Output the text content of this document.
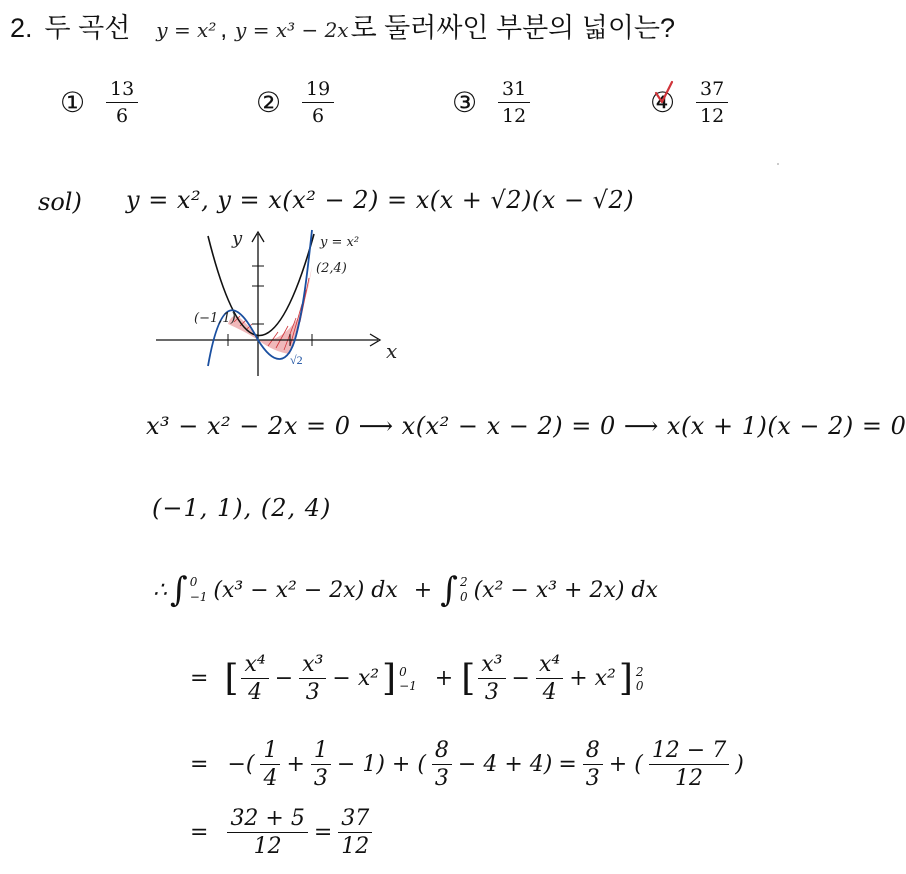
2. 두 곡선 y = x² , y = x³ − 2x 로 둘러싸인 부분의 넓이는?
①	$\frac{13}{6}$	②	$\frac{19}{6}$	③	$\frac{31}{12}$	④	$\frac{37}{12}$
sol) y = x², y = x(x² − 2) = x(x + √2)(x − √2)
y
x
y = x²
(2,4)
(−1,1)
√2
x³ − x² − 2x = 0 ⟶ x(x² − x − 2) = 0 ⟶ x(x + 1)(x − 2) = 0
(−1, 1), (2, 4)
∴ ∫ 0
−1 (x³ − x² − 2x) dx + ∫ 2
0 (x² − x³ + 2x) dx
= [ $\frac{\text{x⁴}}{4} - \frac{\text{x³}}{3} - x^2$ ] 0
−1 + [ $\frac{\text{x³}}{3} - \frac{\text{x⁴}}{4} + x^2$ ] 2
0
= −( $\frac{1}{4} + \frac{1}{3} - 1$) + ( $\frac{8}{3} - 4 + 4) = \frac{8}{3}$ + ( $\frac{12 - 7}{12}$ )
= $\frac{32 + 5}{12} = \frac{37}{12}$
